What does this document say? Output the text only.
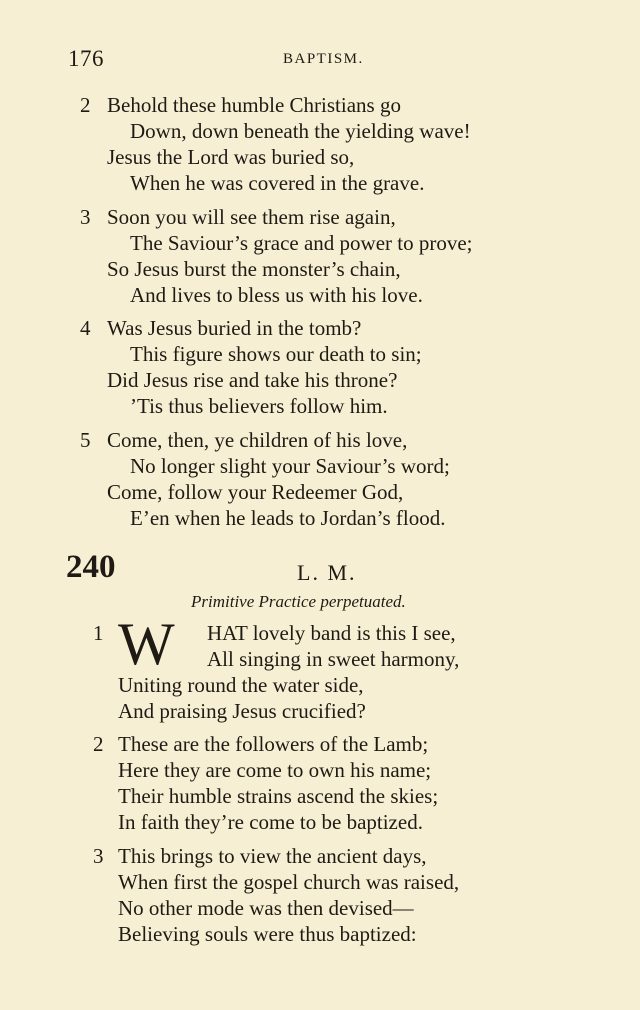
176	BAPTISM.
2 Behold these humble Christians go
Down, down beneath the yielding wave!
Jesus the Lord was buried so,
When he was covered in the grave.
3 Soon you will see them rise again,
The Saviour’s grace and power to prove;
So Jesus burst the monster’s chain,
And lives to bless us with his love.
4 Was Jesus buried in the tomb?
This figure shows our death to sin;
Did Jesus rise and take his throne?
’Tis thus believers follow him.
5 Come, then, ye children of his love,
No longer slight your Saviour’s word;
Come, follow your Redeemer God,
E’en when he leads to Jordan’s flood.
240	L. M.
Primitive Practice perpetuated.
1 W HAT lovely band is this I see,
All singing in sweet harmony,
Uniting round the water side,
And praising Jesus crucified?
2 These are the followers of the Lamb;
Here they are come to own his name;
Their humble strains ascend the skies;
In faith they’re come to be baptized.
3 This brings to view the ancient days,
When first the gospel church was raised,
No other mode was then devised—
Believing souls were thus baptized:
